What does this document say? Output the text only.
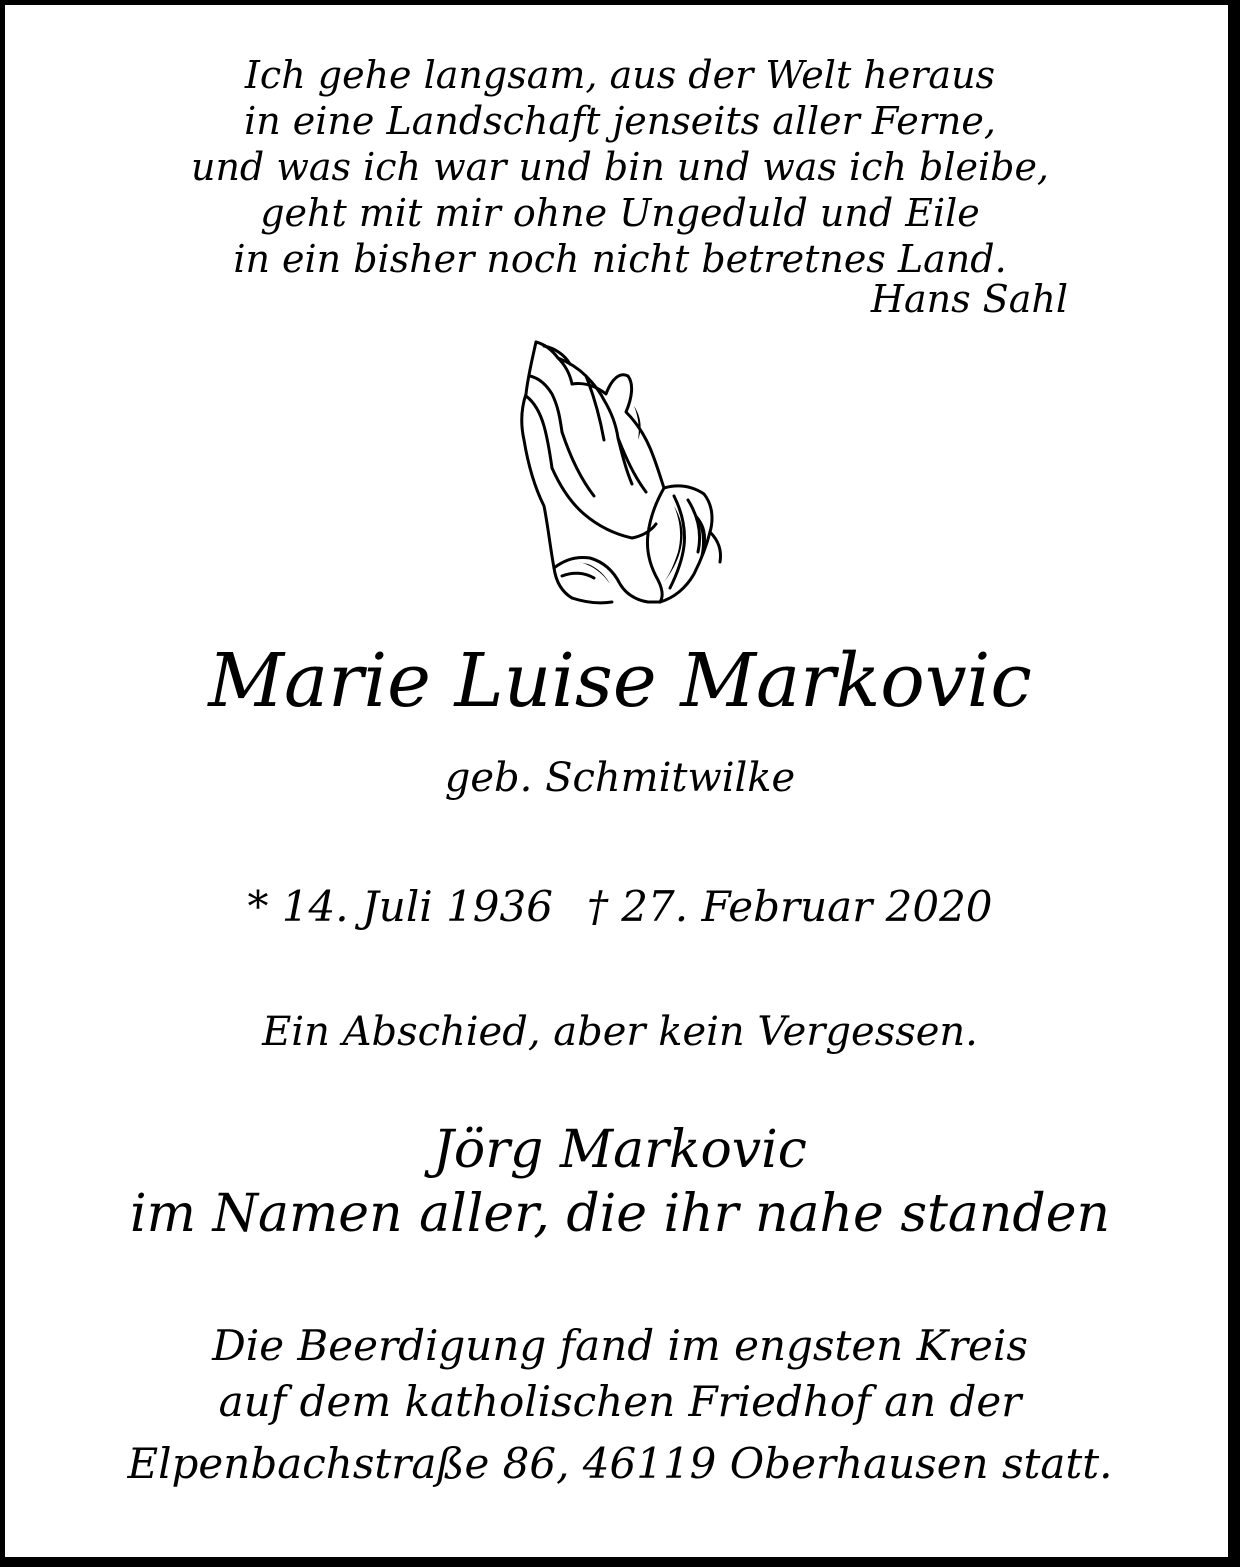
Ich gehe langsam, aus der Welt heraus
in eine Landschaft jenseits aller Ferne,
und was ich war und bin und was ich bleibe,
geht mit mir ohne Ungeduld und Eile
in ein bisher noch nicht betretnes Land.
Hans Sahl
Marie Luise Markovic
geb. Schmitwilke
* 14. Juli 1936 † 27. Februar 2020
Ein Abschied, aber kein Vergessen.
Jörg Markovic
im Namen aller, die ihr nahe standen
Die Beerdigung fand im engsten Kreis
auf dem katholischen Friedhof an der
Elpenbachstraße 86, 46119 Oberhausen statt.
